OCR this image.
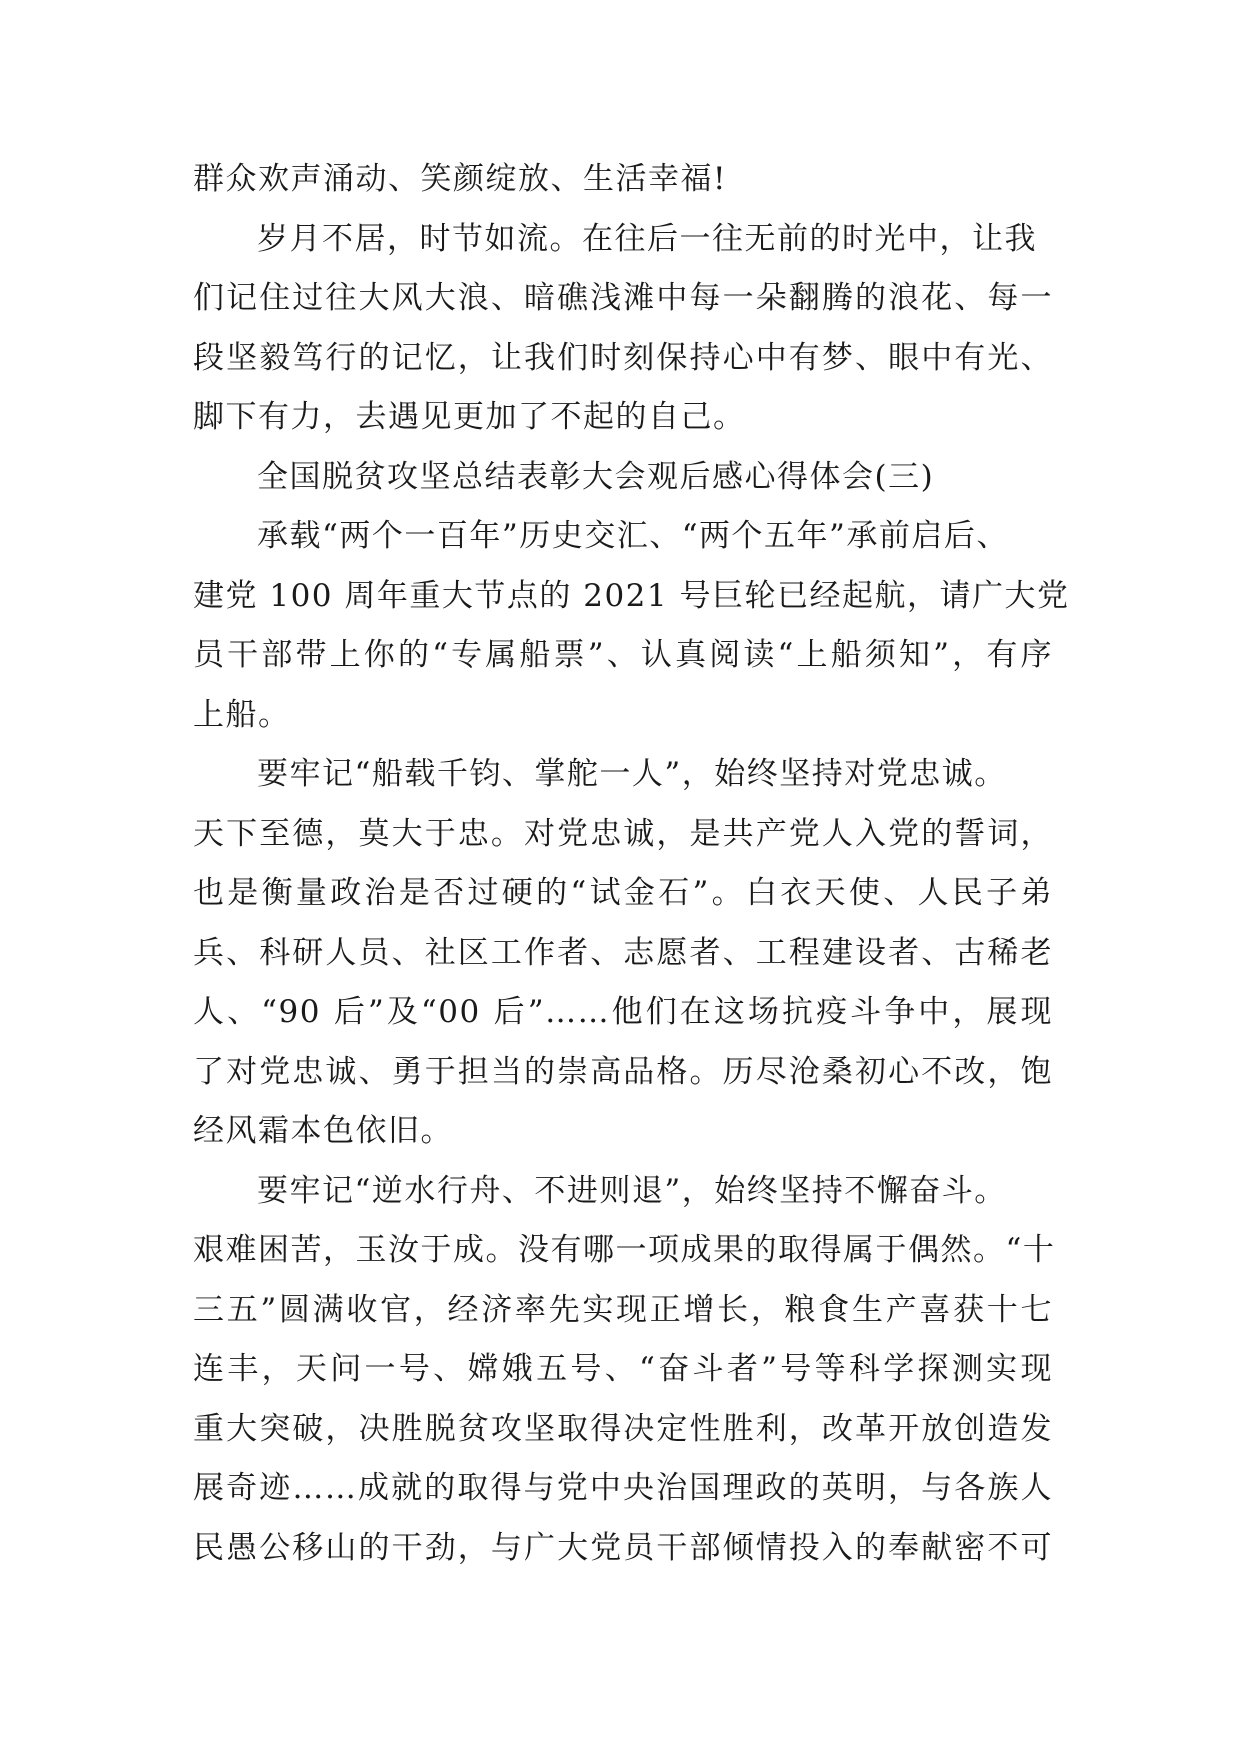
群众欢声涌动、笑颜绽放、生活幸福!
岁月不居，时节如流。在往后一往无前的时光中，让我
们记住过往大风大浪、暗礁浅滩中每一朵翻腾的浪花、每一
段坚毅笃行的记忆，让我们时刻保持心中有梦、眼中有光、
脚下有力，去遇见更加了不起的自己。
全国脱贫攻坚总结表彰大会观后感心得体会(三)
承载“两个一百年”历史交汇、“两个五年”承前启后、
建党 100 周年重大节点的 2021 号巨轮已经起航，请广大党
员干部带上你的“专属船票”、认真阅读“上船须知”，有序
上船。
要牢记“船载千钧、掌舵一人”，始终坚持对党忠诚。
天下至德，莫大于忠。对党忠诚，是共产党人入党的誓词，
也是衡量政治是否过硬的“试金石”。白衣天使、人民子弟
兵、科研人员、社区工作者、志愿者、工程建设者、古稀老
人、“90 后”及“00 后”……他们在这场抗疫斗争中，展现
了对党忠诚、勇于担当的崇高品格。历尽沧桑初心不改，饱
经风霜本色依旧。
要牢记“逆水行舟、不进则退”，始终坚持不懈奋斗。
艰难困苦，玉汝于成。没有哪一项成果的取得属于偶然。“十
三五”圆满收官，经济率先实现正增长，粮食生产喜获十七
连丰，天问一号、嫦娥五号、“奋斗者”号等科学探测实现
重大突破，决胜脱贫攻坚取得决定性胜利，改革开放创造发
展奇迹……成就的取得与党中央治国理政的英明，与各族人
民愚公移山的干劲，与广大党员干部倾情投入的奉献密不可
